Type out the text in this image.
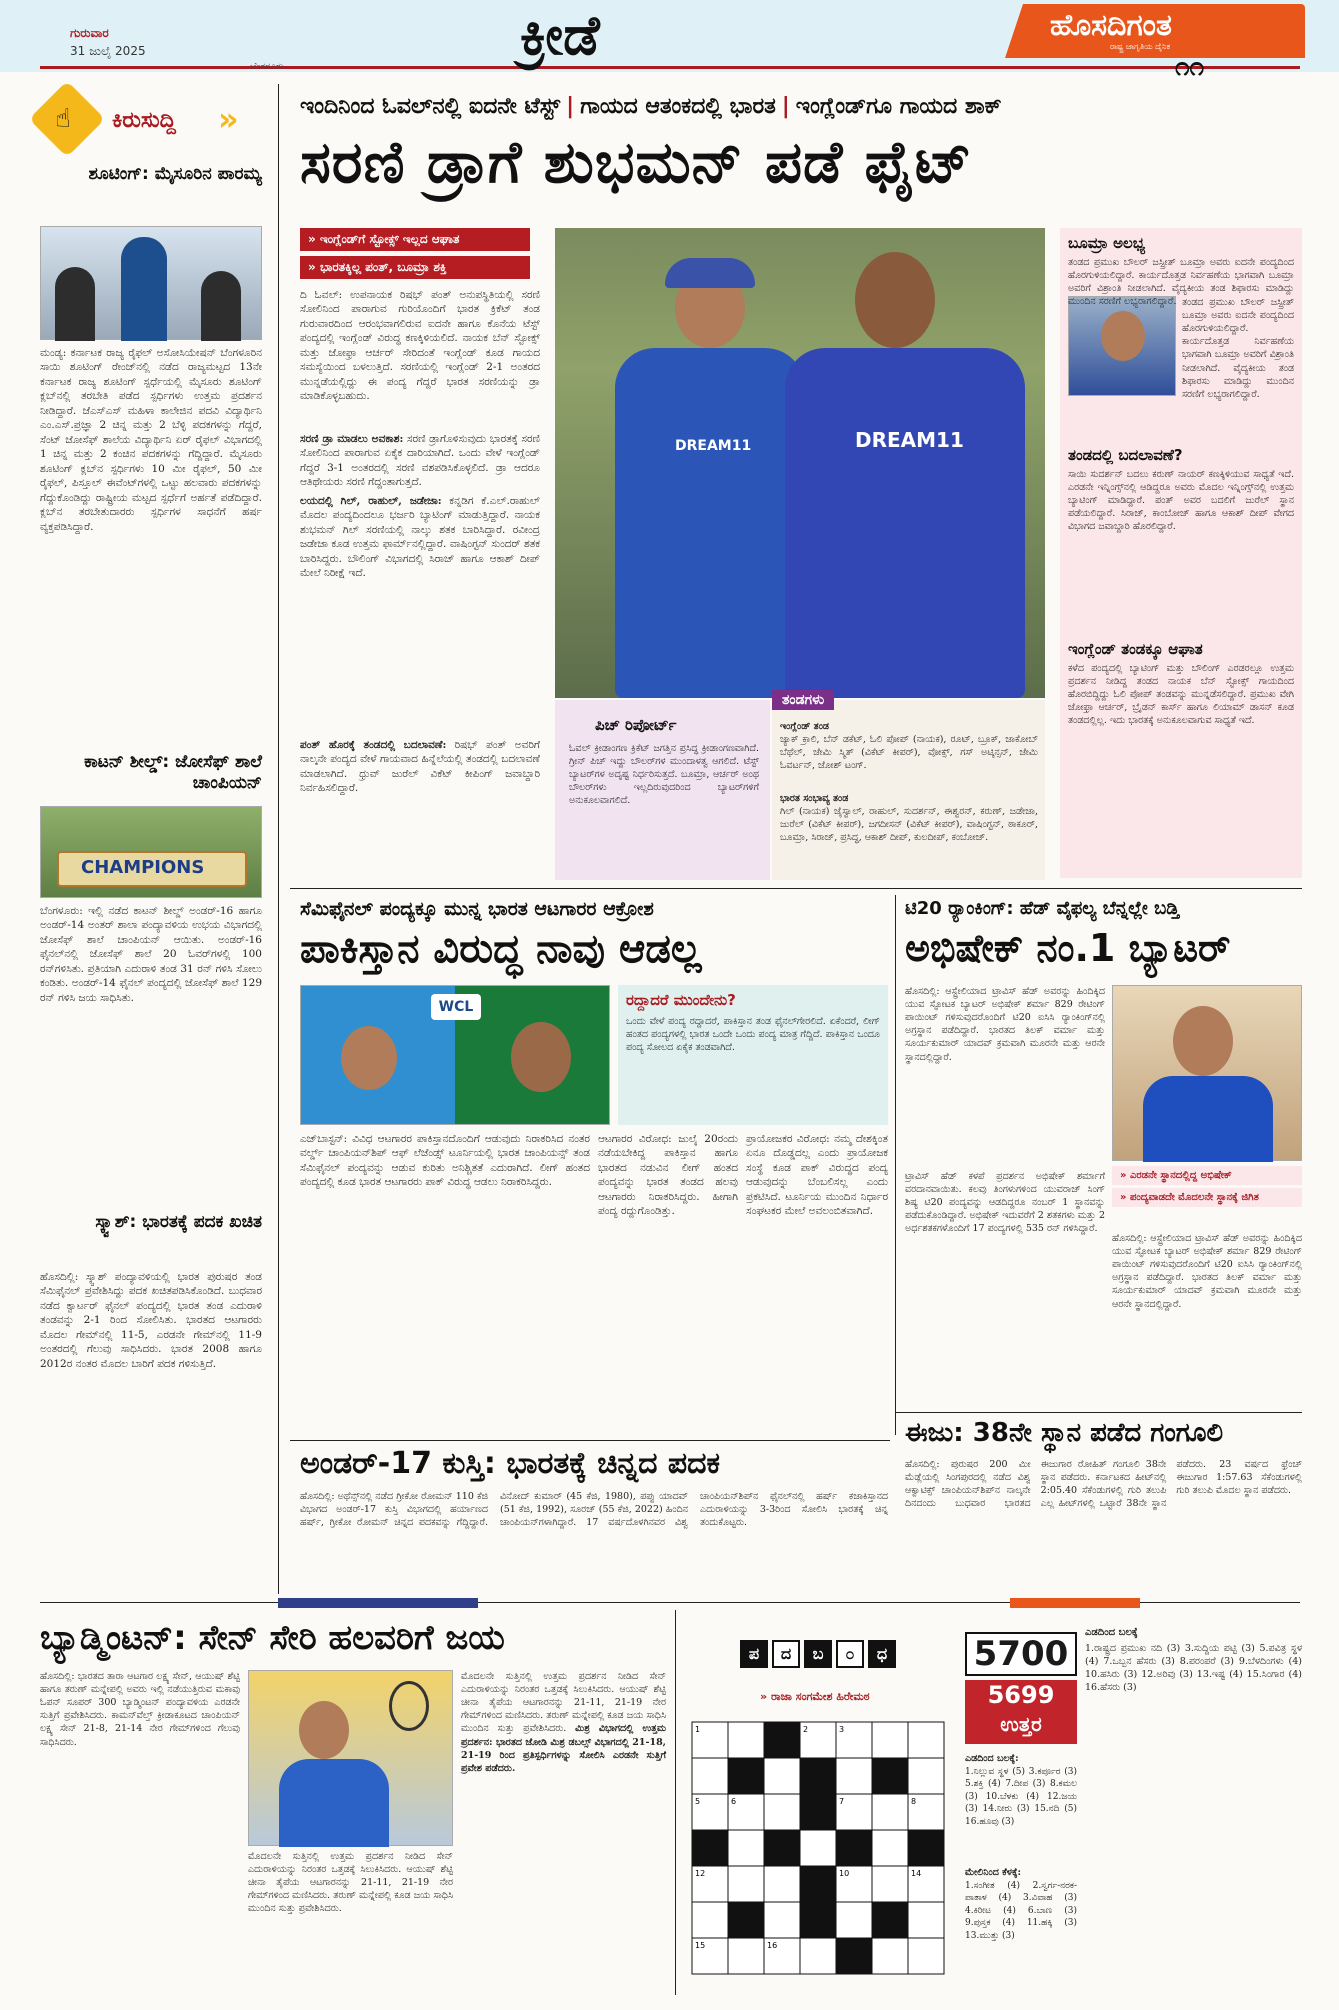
ಗುರುವಾರ
31 ಜುಲೈ 2025
ಬೆಂಗಳೂರು	ಕ್ರೀಡೆ	ಹೊಸದಿಗಂತ
ರಾಷ್ಟ್ರ ಜಾಗೃತಿಯ ದೈನಿಕ
೧೧
☝ ಕಿರುಸುದ್ದಿ »
ಶೂಟಿಂಗ್: ಮೈಸೂರಿನ ಪಾರಮ್ಯ
ಮಂಡ್ಯ: ಕರ್ನಾಟಕ ರಾಜ್ಯ ರೈಫಲ್ ಅಸೋಸಿಯೇಷನ್ ಬೆಂಗಳೂರಿನ ಸಾಯಿ ಶೂಟಿಂಗ್ ರೇಂಜ್‌ನಲ್ಲಿ ನಡೆದ ರಾಜ್ಯಮಟ್ಟದ 13ನೇ ಕರ್ನಾಟಕ ರಾಜ್ಯ ಶೂಟಿಂಗ್ ಸ್ಪರ್ಧೆಯಲ್ಲಿ ಮೈಸೂರು ಶೂಟಿಂಗ್ ಕ್ಲಬ್‌ನಲ್ಲಿ ತರಬೇತಿ ಪಡೆದ ಸ್ಪರ್ಧಿಗಳು ಉತ್ತಮ ಪ್ರದರ್ಶನ ನೀಡಿದ್ದಾರೆ. ಜೆಎಸ್‌ಎಸ್ ಮಹಿಳಾ ಕಾಲೇಜಿನ ಪದವಿ ವಿದ್ಯಾರ್ಥಿನಿ ಎಂ.ಎಸ್.ಪ್ರಜ್ಞಾ 2 ಚಿನ್ನ ಮತ್ತು 2 ಬೆಳ್ಳಿ ಪದಕಗಳನ್ನು ಗೆದ್ದರೆ, ಸೆಂಟ್ ಜೋಸೆಫ್ ಶಾಲೆಯ ವಿದ್ಯಾರ್ಥಿನಿ ಏರ್ ರೈಫಲ್ ವಿಭಾಗದಲ್ಲಿ 1 ಚಿನ್ನ ಮತ್ತು 2 ಕಂಚಿನ ಪದಕಗಳನ್ನು ಗೆದ್ದಿದ್ದಾರೆ. ಮೈಸೂರು ಶೂಟಿಂಗ್ ಕ್ಲಬ್‌ನ ಸ್ಪರ್ಧಿಗಳು 10 ಮೀ ರೈಫಲ್, 50 ಮೀ ರೈಫಲ್, ಪಿಸ್ತೂಲ್ ಈವೆಂಟ್‌ಗಳಲ್ಲಿ ಒಟ್ಟು ಹಲವಾರು ಪದಕಗಳನ್ನು ಗೆದ್ದುಕೊಂಡಿದ್ದು ರಾಷ್ಟ್ರೀಯ ಮಟ್ಟದ ಸ್ಪರ್ಧೆಗೆ ಅರ್ಹತೆ ಪಡೆದಿದ್ದಾರೆ. ಕ್ಲಬ್‌ನ ತರಬೇತುದಾರರು ಸ್ಪರ್ಧಿಗಳ ಸಾಧನೆಗೆ ಹರ್ಷ ವ್ಯಕ್ತಪಡಿಸಿದ್ದಾರೆ.
ಕಾಟನ್ ಶೀಲ್ಡ್: ಜೋಸೆಫ್ ಶಾಲೆ ಚಾಂಪಿಯನ್
CHAMPIONS
ಬೆಂಗಳೂರು: ಇಲ್ಲಿ ನಡೆದ ಕಾಟನ್ ಶೀಲ್ಡ್ ಅಂಡರ್-16 ಹಾಗೂ ಅಂಡರ್-14 ಅಂತರ್ ಶಾಲಾ ಪಂದ್ಯಾವಳಿಯ ಉಭಯ ವಿಭಾಗದಲ್ಲಿ ಜೋಸೆಫ್ ಶಾಲೆ ಚಾಂಪಿಯನ್ ಆಯಿತು. ಅಂಡರ್-16 ಫೈನಲ್‌ನಲ್ಲಿ ಜೋಸೆಫ್ ಶಾಲೆ 20 ಓವರ್‌ಗಳಲ್ಲಿ 100 ರನ್‌ಗಳಿಸಿತು. ಪ್ರತಿಯಾಗಿ ಎದುರಾಳಿ ತಂಡ 31 ರನ್ ಗಳಿಸಿ ಸೋಲು ಕಂಡಿತು. ಅಂಡರ್-14 ಫೈನಲ್ ಪಂದ್ಯದಲ್ಲಿ ಜೋಸೆಫ್ ಶಾಲೆ 129 ರನ್ ಗಳಿಸಿ ಜಯ ಸಾಧಿಸಿತು.
ಸ್ಕ್ವಾಶ್: ಭಾರತಕ್ಕೆ ಪದಕ ಖಚಿತ
ಹೊಸದಿಲ್ಲಿ: ಸ್ಕ್ವಾಶ್ ಪಂದ್ಯಾವಳಿಯಲ್ಲಿ ಭಾರತ ಪುರುಷರ ತಂಡ ಸೆಮಿಫೈನಲ್ ಪ್ರವೇಶಿಸಿದ್ದು ಪದಕ ಖಚಿತಪಡಿಸಿಕೊಂಡಿದೆ. ಬುಧವಾರ ನಡೆದ ಕ್ವಾರ್ಟರ್ ಫೈನಲ್ ಪಂದ್ಯದಲ್ಲಿ ಭಾರತ ತಂಡ ಎದುರಾಳಿ ತಂಡವನ್ನು 2-1 ರಿಂದ ಸೋಲಿಸಿತು. ಭಾರತದ ಆಟಗಾರರು ಮೊದಲ ಗೇಮ್‌ನಲ್ಲಿ 11-5, ಎರಡನೇ ಗೇಮ್‌ನಲ್ಲಿ 11-9 ಅಂತರದಲ್ಲಿ ಗೆಲುವು ಸಾಧಿಸಿದರು. ಭಾರತ 2008 ಹಾಗೂ 2012ರ ನಂತರ ಮೊದಲ ಬಾರಿಗೆ ಪದಕ ಗಳಿಸುತ್ತಿದೆ.
ಇಂದಿನಿಂದ ಓವಲ್‌ನಲ್ಲಿ ಐದನೇ ಟೆಸ್ಟ್ | ಗಾಯದ ಆತಂಕದಲ್ಲಿ ಭಾರತ | ಇಂಗ್ಲೆಂಡ್‌ಗೂ ಗಾಯದ ಶಾಕ್
ಸರಣಿ ಡ್ರಾಗೆ ಶುಭಮನ್ ಪಡೆ ಫೈಟ್
» ಇಂಗ್ಲೆಂಡ್‌ಗೆ ಸ್ಟೋಕ್ಸ್ ಇಲ್ಲದ ಆಘಾತ
» ಭಾರತಕ್ಕಿಲ್ಲ ಪಂತ್, ಬೂಮ್ರಾ ಶಕ್ತಿ
ದಿ ಓವಲ್: ಉಪನಾಯಕ ರಿಷಭ್ ಪಂತ್ ಅನುಪಸ್ಥಿತಿಯಲ್ಲಿ ಸರಣಿ ಸೋಲಿನಿಂದ ಪಾರಾಗುವ ಗುರಿಯೊಂದಿಗೆ ಭಾರತ ಕ್ರಿಕೆಟ್ ತಂಡ ಗುರುವಾರದಿಂದ ಆರಂಭವಾಗಲಿರುವ ಐದನೇ ಹಾಗೂ ಕೊನೆಯ ಟೆಸ್ಟ್ ಪಂದ್ಯದಲ್ಲಿ ಇಂಗ್ಲೆಂಡ್ ವಿರುದ್ಧ ಕಣಕ್ಕಿಳಿಯಲಿದೆ. ನಾಯಕ ಬೆನ್ ಸ್ಟೋಕ್ಸ್ ಮತ್ತು ಜೋಫ್ರಾ ಆರ್ಚರ್ ಸೇರಿದಂತೆ ಇಂಗ್ಲೆಂಡ್ ಕೂಡ ಗಾಯದ ಸಮಸ್ಯೆಯಿಂದ ಬಳಲುತ್ತಿದೆ. ಸರಣಿಯಲ್ಲಿ ಇಂಗ್ಲೆಂಡ್ 2-1 ಅಂತರದ ಮುನ್ನಡೆಯಲ್ಲಿದ್ದು ಈ ಪಂದ್ಯ ಗೆದ್ದರೆ ಭಾರತ ಸರಣಿಯನ್ನು ಡ್ರಾ ಮಾಡಿಕೊಳ್ಳಬಹುದು.
ಸರಣಿ ಡ್ರಾ ಮಾಡಲು ಅವಕಾಶ: ಸರಣಿ ಡ್ರಾಗೊಳಿಸುವುದು ಭಾರತಕ್ಕೆ ಸರಣಿ ಸೋಲಿನಿಂದ ಪಾರಾಗುವ ಏಕೈಕ ದಾರಿಯಾಗಿದೆ. ಒಂದು ವೇಳೆ ಇಂಗ್ಲೆಂಡ್ ಗೆದ್ದರೆ 3-1 ಅಂತರದಲ್ಲಿ ಸರಣಿ ವಶಪಡಿಸಿಕೊಳ್ಳಲಿದೆ. ಡ್ರಾ ಆದರೂ ಆತಿಥೇಯರು ಸರಣಿ ಗೆದ್ದಂತಾಗುತ್ತದೆ.
ಲಯದಲ್ಲಿ ಗಿಲ್, ರಾಹುಲ್, ಜಡೇಜಾ: ಕನ್ನಡಿಗ ಕೆ.ಎಲ್.ರಾಹುಲ್ ಮೊದಲ ಪಂದ್ಯದಿಂದಲೂ ಭರ್ಜರಿ ಬ್ಯಾಟಿಂಗ್ ಮಾಡುತ್ತಿದ್ದಾರೆ. ನಾಯಕ ಶುಭಮನ್ ಗಿಲ್ ಸರಣಿಯಲ್ಲಿ ನಾಲ್ಕು ಶತಕ ಬಾರಿಸಿದ್ದಾರೆ. ರವೀಂದ್ರ ಜಡೇಜಾ ಕೂಡ ಉತ್ತಮ ಫಾರ್ಮ್‌ನಲ್ಲಿದ್ದಾರೆ. ವಾಷಿಂಗ್ಟನ್ ಸುಂದರ್ ಶತಕ ಬಾರಿಸಿದ್ದರು. ಬೌಲಿಂಗ್ ವಿಭಾಗದಲ್ಲಿ ಸಿರಾಜ್ ಹಾಗೂ ಆಕಾಶ್ ದೀಪ್ ಮೇಲೆ ನಿರೀಕ್ಷೆ ಇದೆ.
ಪಂತ್ ಹೊರಕ್ಕೆ ತಂಡದಲ್ಲಿ ಬದಲಾವಣೆ: ರಿಷಭ್ ಪಂತ್ ಅವರಿಗೆ ನಾಲ್ಕನೇ ಪಂದ್ಯದ ವೇಳೆ ಗಾಯವಾದ ಹಿನ್ನೆಲೆಯಲ್ಲಿ ತಂಡದಲ್ಲಿ ಬದಲಾವಣೆ ಮಾಡಲಾಗಿದೆ. ಧ್ರುವ್ ಜುರೆಲ್ ವಿಕೆಟ್ ಕೀಪಿಂಗ್ ಜವಾಬ್ದಾರಿ ನಿರ್ವಹಿಸಲಿದ್ದಾರೆ.
DREAM11	DREAM11
ಪಿಚ್ ರಿಪೋರ್ಟ್
ಓವಲ್ ಕ್ರೀಡಾಂಗಣ ಕ್ರಿಕೆಟ್ ಜಗತ್ತಿನ ಪ್ರಸಿದ್ಧ ಕ್ರೀಡಾಂಗಣವಾಗಿದೆ. ಗ್ರೀನ್ ಪಿಚ್ ಇದ್ದು ಬೌಲರ್‌ಗಳ ಮುಂದಾಳತ್ವ ಆಗಲಿದೆ. ಟೆಸ್ಟ್ ಬ್ಯಾಟರ್‌ಗಳ ಅದೃಷ್ಟ ನಿರ್ಧರಿಸುತ್ತದೆ. ಬೂಮ್ರಾ, ಆರ್ಚರ್ ಅಂಥ ಬೌಲರ್‌ಗಳು ಇಲ್ಲದಿರುವುದರಿಂದ ಬ್ಯಾಟರ್‌ಗಳಿಗೆ ಅನುಕೂಲವಾಗಲಿದೆ.
ತಂಡಗಳು
ಇಂಗ್ಲೆಂಡ್ ತಂಡ
ಜ್ಯಾಕ್ ಕ್ರಾಲಿ, ಬೆನ್ ಡಕೆಟ್, ಓಲಿ ಪೋಪ್ (ನಾಯಕ), ರೂಟ್, ಬ್ರೂಕ್, ಜಾಕೋಬ್ ಬೆಥೆಲ್, ಜೇಮಿ ಸ್ಮಿತ್ (ವಿಕೆಟ್ ಕೀಪರ್), ವೋಕ್ಸ್, ಗಸ್ ಅಟ್ಕಿನ್ಸನ್, ಜೇಮಿ ಓವರ್ಟನ್, ಜೋಶ್ ಟಂಗ್.
ಭಾರತ ಸಂಭಾವ್ಯ ತಂಡ
ಗಿಲ್ (ನಾಯಕ) ಜೈಸ್ವಾಲ್, ರಾಹುಲ್, ಸುದರ್ಶನ್, ಈಶ್ವರನ್, ಕರುಣ್, ಜಡೇಜಾ, ಜುರೆಲ್ (ವಿಕೆಟ್ ಕೀಪರ್), ಜಗದೀಸನ್ (ವಿಕೆಟ್ ಕೀಪರ್), ವಾಷಿಂಗ್ಟನ್, ಠಾಕೂರ್, ಬೂಮ್ರಾ, ಸಿರಾಜ್, ಪ್ರಸಿದ್ಧ, ಆಕಾಶ್ ದೀಪ್, ಕುಲದೀಪ್, ಕಂಬೋಜ್.
ಬೂಮ್ರಾ ಅಲಭ್ಯ
ತಂಡದ ಪ್ರಮುಖ ಬೌಲರ್ ಜಸ್ಪ್ರೀತ್ ಬೂಮ್ರಾ ಅವರು ಐದನೇ ಪಂದ್ಯದಿಂದ ಹೊರಗುಳಿಯಲಿದ್ದಾರೆ. ಕಾರ್ಯದೊತ್ತಡ ನಿರ್ವಹಣೆಯ ಭಾಗವಾಗಿ ಬೂಮ್ರಾ ಅವರಿಗೆ ವಿಶ್ರಾಂತಿ ನೀಡಲಾಗಿದೆ. ವೈದ್ಯಕೀಯ ತಂಡ ಶಿಫಾರಸು ಮಾಡಿದ್ದು ಮುಂದಿನ ಸರಣಿಗೆ ಲಭ್ಯರಾಗಲಿದ್ದಾರೆ. ತಂಡದ ಪ್ರಮುಖ ಬೌಲರ್ ಜಸ್ಪ್ರೀತ್ ಬೂಮ್ರಾ ಅವರು ಐದನೇ ಪಂದ್ಯದಿಂದ ಹೊರಗುಳಿಯಲಿದ್ದಾರೆ. ಕಾರ್ಯದೊತ್ತಡ ನಿರ್ವಹಣೆಯ ಭಾಗವಾಗಿ ಬೂಮ್ರಾ ಅವರಿಗೆ ವಿಶ್ರಾಂತಿ ನೀಡಲಾಗಿದೆ. ವೈದ್ಯಕೀಯ ತಂಡ ಶಿಫಾರಸು ಮಾಡಿದ್ದು ಮುಂದಿನ ಸರಣಿಗೆ ಲಭ್ಯರಾಗಲಿದ್ದಾರೆ.
ತಂಡದಲ್ಲಿ ಬದಲಾವಣೆ?
ಸಾಯಿ ಸುದರ್ಶನ್ ಬದಲು ಕರುಣ್ ನಾಯರ್ ಕಣಕ್ಕಿಳಿಯುವ ಸಾಧ್ಯತೆ ಇದೆ. ಎರಡನೇ ಇನ್ನಿಂಗ್ಸ್‌ನಲ್ಲಿ ಆಡಿದ್ದರೂ ಅವರು ಮೊದಲ ಇನ್ನಿಂಗ್ಸ್‌ನಲ್ಲಿ ಉತ್ತಮ ಬ್ಯಾಟಿಂಗ್ ಮಾಡಿದ್ದಾರೆ. ಪಂತ್ ಅವರ ಬದಲಿಗೆ ಜುರೆಲ್ ಸ್ಥಾನ ಪಡೆಯಲಿದ್ದಾರೆ. ಸಿರಾಜ್, ಕಾಂಬೋಜ್ ಹಾಗೂ ಆಕಾಶ್ ದೀಪ್ ವೇಗದ ವಿಭಾಗದ ಜವಾಬ್ದಾರಿ ಹೊರಲಿದ್ದಾರೆ.
ಇಂಗ್ಲೆಂಡ್ ತಂಡಕ್ಕೂ ಆಘಾತ
ಕಳೆದ ಪಂದ್ಯದಲ್ಲಿ ಬ್ಯಾಟಿಂಗ್ ಮತ್ತು ಬೌಲಿಂಗ್ ಎರಡರಲ್ಲೂ ಉತ್ತಮ ಪ್ರದರ್ಶನ ನೀಡಿದ್ದ ತಂಡದ ನಾಯಕ ಬೆನ್ ಸ್ಟೋಕ್ಸ್ ಗಾಯದಿಂದ ಹೊರಬಿದ್ದಿದ್ದು ಓಲಿ ಪೋಪ್ ತಂಡವನ್ನು ಮುನ್ನಡೆಸಲಿದ್ದಾರೆ. ಪ್ರಮುಖ ವೇಗಿ ಜೋಫ್ರಾ ಆರ್ಚರ್, ಬ್ರೈಡನ್ ಕಾರ್ಸ್ ಹಾಗೂ ಲಿಯಾಮ್ ಡಾಸನ್ ಕೂಡ ತಂಡದಲ್ಲಿಲ್ಲ. ಇದು ಭಾರತಕ್ಕೆ ಅನುಕೂಲವಾಗುವ ಸಾಧ್ಯತೆ ಇದೆ.
ಸೆಮಿಫೈನಲ್ ಪಂದ್ಯಕ್ಕೂ ಮುನ್ನ ಭಾರತ ಆಟಗಾರರ ಆಕ್ರೋಶ
ಪಾಕಿಸ್ತಾನ ವಿರುದ್ಧ ನಾವು ಆಡಲ್ಲ
WCL	ರದ್ದಾದರೆ ಮುಂದೇನು?
ಒಂದು ವೇಳೆ ಪಂದ್ಯ ರದ್ದಾದರೆ, ಪಾಕಿಸ್ತಾನ ತಂಡ ಫೈನಲ್‌ಗೇರಲಿದೆ. ಏಕೆಂದರೆ, ಲೀಗ್ ಹಂತದ ಪಂದ್ಯಗಳಲ್ಲಿ ಭಾರತ ಒಂದೇ ಒಂದು ಪಂದ್ಯ ಮಾತ್ರ ಗೆದ್ದಿದೆ. ಪಾಕಿಸ್ತಾನ ಒಂದೂ ಪಂದ್ಯ ಸೋಲದ ಏಕೈಕ ತಂಡವಾಗಿದೆ.
ಎಜ್‌ಬಾಸ್ಟನ್: ವಿವಿಧ ಆಟಗಾರರ ಪಾಕಿಸ್ತಾನದೊಂದಿಗೆ ಆಡುವುದು ನಿರಾಕರಿಸಿದ ನಂತರ ವರ್ಲ್ಡ್ ಚಾಂಪಿಯನ್‌ಶಿಪ್ ಆಫ್ ಲೆಜೆಂಡ್ಸ್ ಟೂರ್ನಿಯಲ್ಲಿ ಭಾರತ ಚಾಂಪಿಯನ್ಸ್ ತಂಡ ಸೆಮಿಫೈನಲ್ ಪಂದ್ಯವನ್ನು ಆಡುವ ಕುರಿತು ಅನಿಶ್ಚಿತತೆ ಎದುರಾಗಿದೆ. ಲೀಗ್ ಹಂತದ ಪಂದ್ಯದಲ್ಲಿ ಕೂಡ ಭಾರತ ಆಟಗಾರರು ಪಾಕ್ ವಿರುದ್ಧ ಆಡಲು ನಿರಾಕರಿಸಿದ್ದರು.
ಆಟಗಾರರ ವಿರೋಧ: ಜುಲೈ 20ರಂದು ನಡೆಯಬೇಕಿದ್ದ ಪಾಕಿಸ್ತಾನ ಹಾಗೂ ಭಾರತದ ನಡುವಿನ ಲೀಗ್ ಹಂತದ ಪಂದ್ಯವನ್ನು ಭಾರತ ತಂಡದ ಹಲವು ಆಟಗಾರರು ನಿರಾಕರಿಸಿದ್ದರು. ಹೀಗಾಗಿ ಪಂದ್ಯ ರದ್ದುಗೊಂಡಿತ್ತು.
ಪ್ರಾಯೋಜಕರ ವಿರೋಧ: ನಮ್ಮ ದೇಶಕ್ಕಿಂತ ಏನೂ ದೊಡ್ಡದಲ್ಲ ಎಂದು ಪ್ರಾಯೋಜಕ ಸಂಸ್ಥೆ ಕೂಡ ಪಾಕ್ ವಿರುದ್ಧದ ಪಂದ್ಯ ಆಡುವುದನ್ನು ಬೆಂಬಲಿಸಲ್ಲ ಎಂದು ಪ್ರಕಟಿಸಿದೆ. ಟೂರ್ನಿಯ ಮುಂದಿನ ನಿರ್ಧಾರ ಸಂಘಟಕರ ಮೇಲೆ ಅವಲಂಬಿತವಾಗಿದೆ.
ಟಿ20 ರ್‍ಯಾಂಕಿಂಗ್: ಹೆಡ್ ವೈಫಲ್ಯ ಬೆನ್ನಲ್ಲೇ ಬಡ್ತಿ
ಅಭಿಷೇಕ್ ನಂ.1 ಬ್ಯಾಟರ್
ಹೊಸದಿಲ್ಲಿ: ಆಸ್ಟ್ರೇಲಿಯಾದ ಟ್ರಾವಿಸ್ ಹೆಡ್ ಅವರನ್ನು ಹಿಂದಿಕ್ಕಿದ ಯುವ ಸ್ಫೋಟಕ ಬ್ಯಾಟರ್ ಅಭಿಷೇಕ್ ಶರ್ಮಾ 829 ರೇಟಿಂಗ್ ಪಾಯಿಂಟ್ ಗಳಿಸುವುದರೊಂದಿಗೆ ಟಿ20 ಐಸಿಸಿ ರ್‍ಯಾಂಕಿಂಗ್‌ನಲ್ಲಿ ಅಗ್ರಸ್ಥಾನ ಪಡೆದಿದ್ದಾರೆ. ಭಾರತದ ತಿಲಕ್ ವರ್ಮಾ ಮತ್ತು ಸೂರ್ಯಕುಮಾರ್ ಯಾದವ್ ಕ್ರಮವಾಗಿ ಮೂರನೇ ಮತ್ತು ಆರನೇ ಸ್ಥಾನದಲ್ಲಿದ್ದಾರೆ.
» ಎರಡನೇ ಸ್ಥಾನದಲ್ಲಿದ್ದ ಅಭಿಷೇಕ್
» ಪಂದ್ಯವಾಡದೇ ಮೊದಲನೇ ಸ್ಥಾನಕ್ಕೆ ಜಿಗಿತ
ಟ್ರಾವಿಸ್ ಹೆಡ್ ಕಳಪೆ ಪ್ರದರ್ಶನ ಅಭಿಷೇಕ್ ಶರ್ಮಾಗೆ ವರದಾನವಾಯಿತು. ಕಲವು ತಿಂಗಳುಗಳಿಂದ ಯುವರಾಜ್ ಸಿಂಗ್ ಶಿಷ್ಯ ಟಿ20 ಪಂದ್ಯವನ್ನು ಆಡದಿದ್ದರೂ ನಂಬರ್ 1 ಸ್ಥಾನವನ್ನು ಪಡೆದುಕೊಂಡಿದ್ದಾರೆ. ಅಭಿಷೇಕ್ ಇದುವರೆಗೆ 2 ಶತಕಗಳು ಮತ್ತು 2 ಅರ್ಧಶತಕಗಳೊಂದಿಗೆ 17 ಪಂದ್ಯಗಳಲ್ಲಿ 535 ರನ್ ಗಳಿಸಿದ್ದಾರೆ.
ಹೊಸದಿಲ್ಲಿ: ಆಸ್ಟ್ರೇಲಿಯಾದ ಟ್ರಾವಿಸ್ ಹೆಡ್ ಅವರನ್ನು ಹಿಂದಿಕ್ಕಿದ ಯುವ ಸ್ಫೋಟಕ ಬ್ಯಾಟರ್ ಅಭಿಷೇಕ್ ಶರ್ಮಾ 829 ರೇಟಿಂಗ್ ಪಾಯಿಂಟ್ ಗಳಿಸುವುದರೊಂದಿಗೆ ಟಿ20 ಐಸಿಸಿ ರ್‍ಯಾಂಕಿಂಗ್‌ನಲ್ಲಿ ಅಗ್ರಸ್ಥಾನ ಪಡೆದಿದ್ದಾರೆ. ಭಾರತದ ತಿಲಕ್ ವರ್ಮಾ ಮತ್ತು ಸೂರ್ಯಕುಮಾರ್ ಯಾದವ್ ಕ್ರಮವಾಗಿ ಮೂರನೇ ಮತ್ತು ಆರನೇ ಸ್ಥಾನದಲ್ಲಿದ್ದಾರೆ.
ಈಜು: 38ನೇ ಸ್ಥಾನ ಪಡೆದ ಗಂಗೂಲಿ
ಹೊಸದಿಲ್ಲಿ: ಪುರುಷರ 200 ಮೀ ಮೆಡ್ಲೆಯಲ್ಲಿ ಸಿಂಗಪುರದಲ್ಲಿ ನಡೆದ ವಿಶ್ವ ಆಕ್ವಾಟಿಕ್ಸ್ ಚಾಂಪಿಯನ್‌ಶಿಪ್‌ನ ನಾಲ್ಕನೇ ದಿನದಂದು ಬುಧವಾರ ಭಾರತದ ಈಜುಗಾರ ರೋಹಿತ್ ಗಂಗೂಲಿ 38ನೇ ಸ್ಥಾನ ಪಡೆದರು. ಕರ್ನಾಟಕದ ಹೀಟ್‌ನಲ್ಲಿ 2:05.40 ಸೆಕೆಂಡುಗಳಲ್ಲಿ ಗುರಿ ತಲುಪಿ ಎಲ್ಲ ಹೀಟ್‌ಗಳಲ್ಲಿ ಒಟ್ಟಾರೆ 38ನೇ ಸ್ಥಾನ ಪಡೆದರು. 23 ವರ್ಷದ ಫ್ರೆಂಚ್ ಈಜುಗಾರ 1:57.63 ಸೆಕೆಂಡುಗಳಲ್ಲಿ ಗುರಿ ತಲುಪಿ ಮೊದಲ ಸ್ಥಾನ ಪಡೆದರು.
ಅಂಡರ್-17 ಕುಸ್ತಿ: ಭಾರತಕ್ಕೆ ಚಿನ್ನದ ಪದಕ
ಹೊಸದಿಲ್ಲಿ: ಅಥೆನ್ಸ್‌ನಲ್ಲಿ ನಡೆದ ಗ್ರೀಕೋ ರೋಮನ್ 110 ಕೆಜಿ ವಿಭಾಗದ ಅಂಡರ್-17 ಕುಸ್ತಿ ವಿಭಾಗದಲ್ಲಿ ಹರ್ಯಾಣದ ಹರ್ಷ್, ಗ್ರೀಕೋ ರೋಮನ್ ಚಿನ್ನದ ಪದಕವನ್ನು ಗೆದ್ದಿದ್ದಾರೆ. ವಿನೋದ್ ಕುಮಾರ್ (45 ಕೆಜಿ, 1980), ಪಪ್ಪು ಯಾದವ್ (51 ಕೆಜಿ, 1992), ಸೂರಜ್ (55 ಕೆಜಿ, 2022) ಹಿಂದಿನ ಚಾಂಪಿಯನ್‌ಗಳಾಗಿದ್ದಾರೆ. 17 ವರ್ಷದೊಳಗಿನವರ ವಿಶ್ವ ಚಾಂಪಿಯನ್‌ಶಿಪ್‌ನ ಫೈನಲ್‌ನಲ್ಲಿ ಹರ್ಷ್ ಕಜಾಕಿಸ್ತಾನದ ಎದುರಾಳಿಯನ್ನು 3-3ರಿಂದ ಸೋಲಿಸಿ ಭಾರತಕ್ಕೆ ಚಿನ್ನ ತಂದುಕೊಟ್ಟರು.
ಬ್ಯಾಡ್ಮಿಂಟನ್: ಸೇನ್ ಸೇರಿ ಹಲವರಿಗೆ ಜಯ
ಹೊಸದಿಲ್ಲಿ: ಭಾರತದ ತಾರಾ ಆಟಗಾರ ಲಕ್ಷ್ಯ ಸೇನ್, ಆಯುಷ್ ಶೆಟ್ಟಿ ಹಾಗೂ ತರುಣ್ ಮನ್ನೇಪಲ್ಲಿ ಅವರು ಇಲ್ಲಿ ನಡೆಯುತ್ತಿರುವ ಮಕಾವು ಓಪನ್ ಸೂಪರ್ 300 ಬ್ಯಾಡ್ಮಿಂಟನ್ ಪಂದ್ಯಾವಳಿಯ ಎರಡನೇ ಸುತ್ತಿಗೆ ಪ್ರವೇಶಿಸಿದರು. ಕಾಮನ್‌ವೆಲ್ತ್ ಕ್ರೀಡಾಕೂಟದ ಚಾಂಪಿಯನ್ ಲಕ್ಷ್ಯ ಸೇನ್ 21-8, 21-14 ನೇರ ಗೇಮ್‌ಗಳಿಂದ ಗೆಲುವು ಸಾಧಿಸಿದರು.
ಮೊದಲನೇ ಸುತ್ತಿನಲ್ಲಿ ಉತ್ತಮ ಪ್ರದರ್ಶನ ನೀಡಿದ ಸೇನ್ ಎದುರಾಳಿಯನ್ನು ನಿರಂತರ ಒತ್ತಡಕ್ಕೆ ಸಿಲುಕಿಸಿದರು. ಆಯುಷ್ ಶೆಟ್ಟಿ ಚೀನಾ ತೈಪೆಯ ಆಟಗಾರನನ್ನು 21-11, 21-19 ನೇರ ಗೇಮ್‌ಗಳಿಂದ ಮಣಿಸಿದರು. ತರುಣ್ ಮನ್ನೇಪಲ್ಲಿ ಕೂಡ ಜಯ ಸಾಧಿಸಿ ಮುಂದಿನ ಸುತ್ತು ಪ್ರವೇಶಿಸಿದರು.
ಮೊದಲನೇ ಸುತ್ತಿನಲ್ಲಿ ಉತ್ತಮ ಪ್ರದರ್ಶನ ನೀಡಿದ ಸೇನ್ ಎದುರಾಳಿಯನ್ನು ನಿರಂತರ ಒತ್ತಡಕ್ಕೆ ಸಿಲುಕಿಸಿದರು. ಆಯುಷ್ ಶೆಟ್ಟಿ ಚೀನಾ ತೈಪೆಯ ಆಟಗಾರನನ್ನು 21-11, 21-19 ನೇರ ಗೇಮ್‌ಗಳಿಂದ ಮಣಿಸಿದರು. ತರುಣ್ ಮನ್ನೇಪಲ್ಲಿ ಕೂಡ ಜಯ ಸಾಧಿಸಿ ಮುಂದಿನ ಸುತ್ತು ಪ್ರವೇಶಿಸಿದರು. ಮಿಶ್ರ ವಿಭಾಗದಲ್ಲಿ ಉತ್ತಮ ಪ್ರದರ್ಶನ: ಭಾರತದ ಜೋಡಿ ಮಿಶ್ರ ಡಬಲ್ಸ್ ವಿಭಾಗದಲ್ಲಿ 21-18, 21-19 ರಿಂದ ಪ್ರತಿಸ್ಪರ್ಧಿಗಳನ್ನು ಸೋಲಿಸಿ ಎರಡನೇ ಸುತ್ತಿಗೆ ಪ್ರವೇಶ ಪಡೆದರು.
ಪ	ದ	ಬ	೦	ಧ
» ರಾಜಾ ಸಂಗಮೇಶ ಹಿರೇಮಠ
1	2	3
5	6	7	8
12	10	14
15	16
5700
5699
ಉತ್ತರ
ಎಡದಿಂದ ಬಲಕ್ಕೆ:
1.ನಿಲ್ಲುವ ಸ್ಥಳ (5) 3.ಕರ್ಪೂರ (3) 5.ಶಕ್ತಿ (4) 7.ದೀಪ (3) 8.ಕಮಲ (3) 10.ಬೆಳಕು (4) 12.ಜಯ (3) 14.ನೀರು (3) 15.ನದಿ (5) 16.ಹೂವು (3)
ಮೇಲಿನಿಂದ ಕೆಳಕ್ಕೆ:
1.ಸಂಗೀತ (4) 2.ಸ್ವರ್ಗ-ನರಕ-ಪಾತಾಳ (4) 3.ವಿವಾಹ (3) 4.ಕಿರೀಟ (4) 6.ಬಾಣ (3) 9.ಪುಸ್ತಕ (4) 11.ಹಕ್ಕಿ (3) 13.ಮುತ್ತು (3)
ಎಡದಿಂದ ಬಲಕ್ಕೆ
1.ರಾಷ್ಟ್ರದ ಪ್ರಮುಖ ನದಿ (3) 3.ಸುದ್ದಿಯ ಪಟ್ಟಿ (3) 5.ಪವಿತ್ರ ಸ್ಥಳ (4) 7.ಒಬ್ಬನ ಹೆಸರು (3) 8.ಪರಂಪರೆ (3) 9.ಬೆಳದಿಂಗಳು (4) 10.ಹಸಿರು (3) 12.ಅರಿವು (3) 13.ಇಷ್ಟ (4) 15.ಸಿಂಗಾರ (4) 16.ಹೆಸರು (3)
